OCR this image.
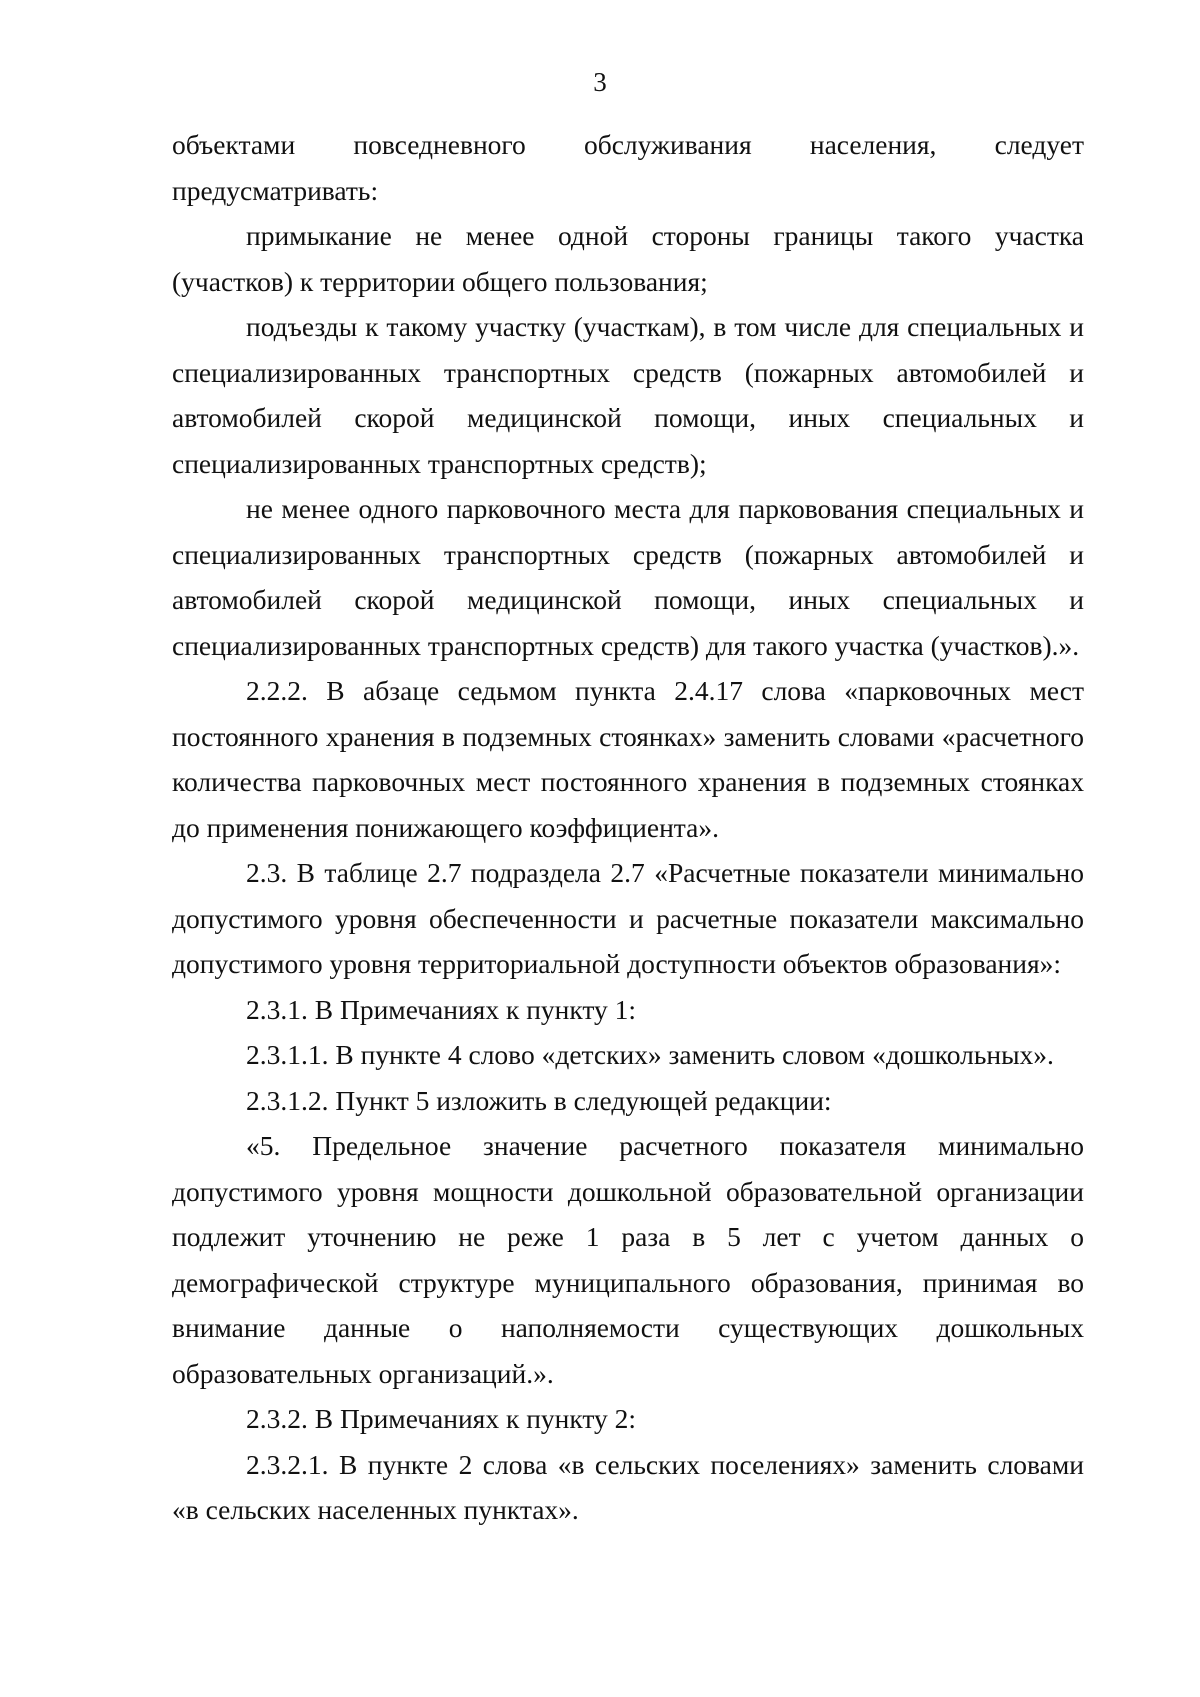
3

объектами повседневного обслуживания населения, следует предусматривать:

примыкание не менее одной стороны границы такого участка (участков) к территории общего пользования;

подъезды к такому участку (участкам), в том числе для специальных и специализированных транспортных средств (пожарных автомобилей и автомобилей скорой медицинской помощи, иных специальных и специализированных транспортных средств);

не менее одного парковочного места для парковования специальных и специализированных транспортных средств (пожарных автомобилей и автомобилей скорой медицинской помощи, иных специальных и специализированных транспортных средств) для такого участка (участков).».

2.2.2. В абзаце седьмом пункта 2.4.17 слова «парковочных мест постоянного хранения в подземных стоянках» заменить словами «расчетного количества парковочных мест постоянного хранения в подземных стоянках до применения понижающего коэффициента».

2.3. В таблице 2.7 подраздела 2.7 «Расчетные показатели минимально допустимого уровня обеспеченности и расчетные показатели максимально допустимого уровня территориальной доступности объектов образования»:

2.3.1. В Примечаниях к пункту 1:

2.3.1.1. В пункте 4 слово «детских» заменить словом «дошкольных».

2.3.1.2. Пункт 5 изложить в следующей редакции:

«5. Предельное значение расчетного показателя минимально допустимого уровня мощности дошкольной образовательной организации подлежит уточнению не реже 1 раза в 5 лет с учетом данных о демографической структуре муниципального образования, принимая во внимание данные о наполняемости существующих дошкольных образовательных организаций.».

2.3.2. В Примечаниях к пункту 2:

2.3.2.1. В пункте 2 слова «в сельских поселениях» заменить словами «в сельских населенных пунктах».
